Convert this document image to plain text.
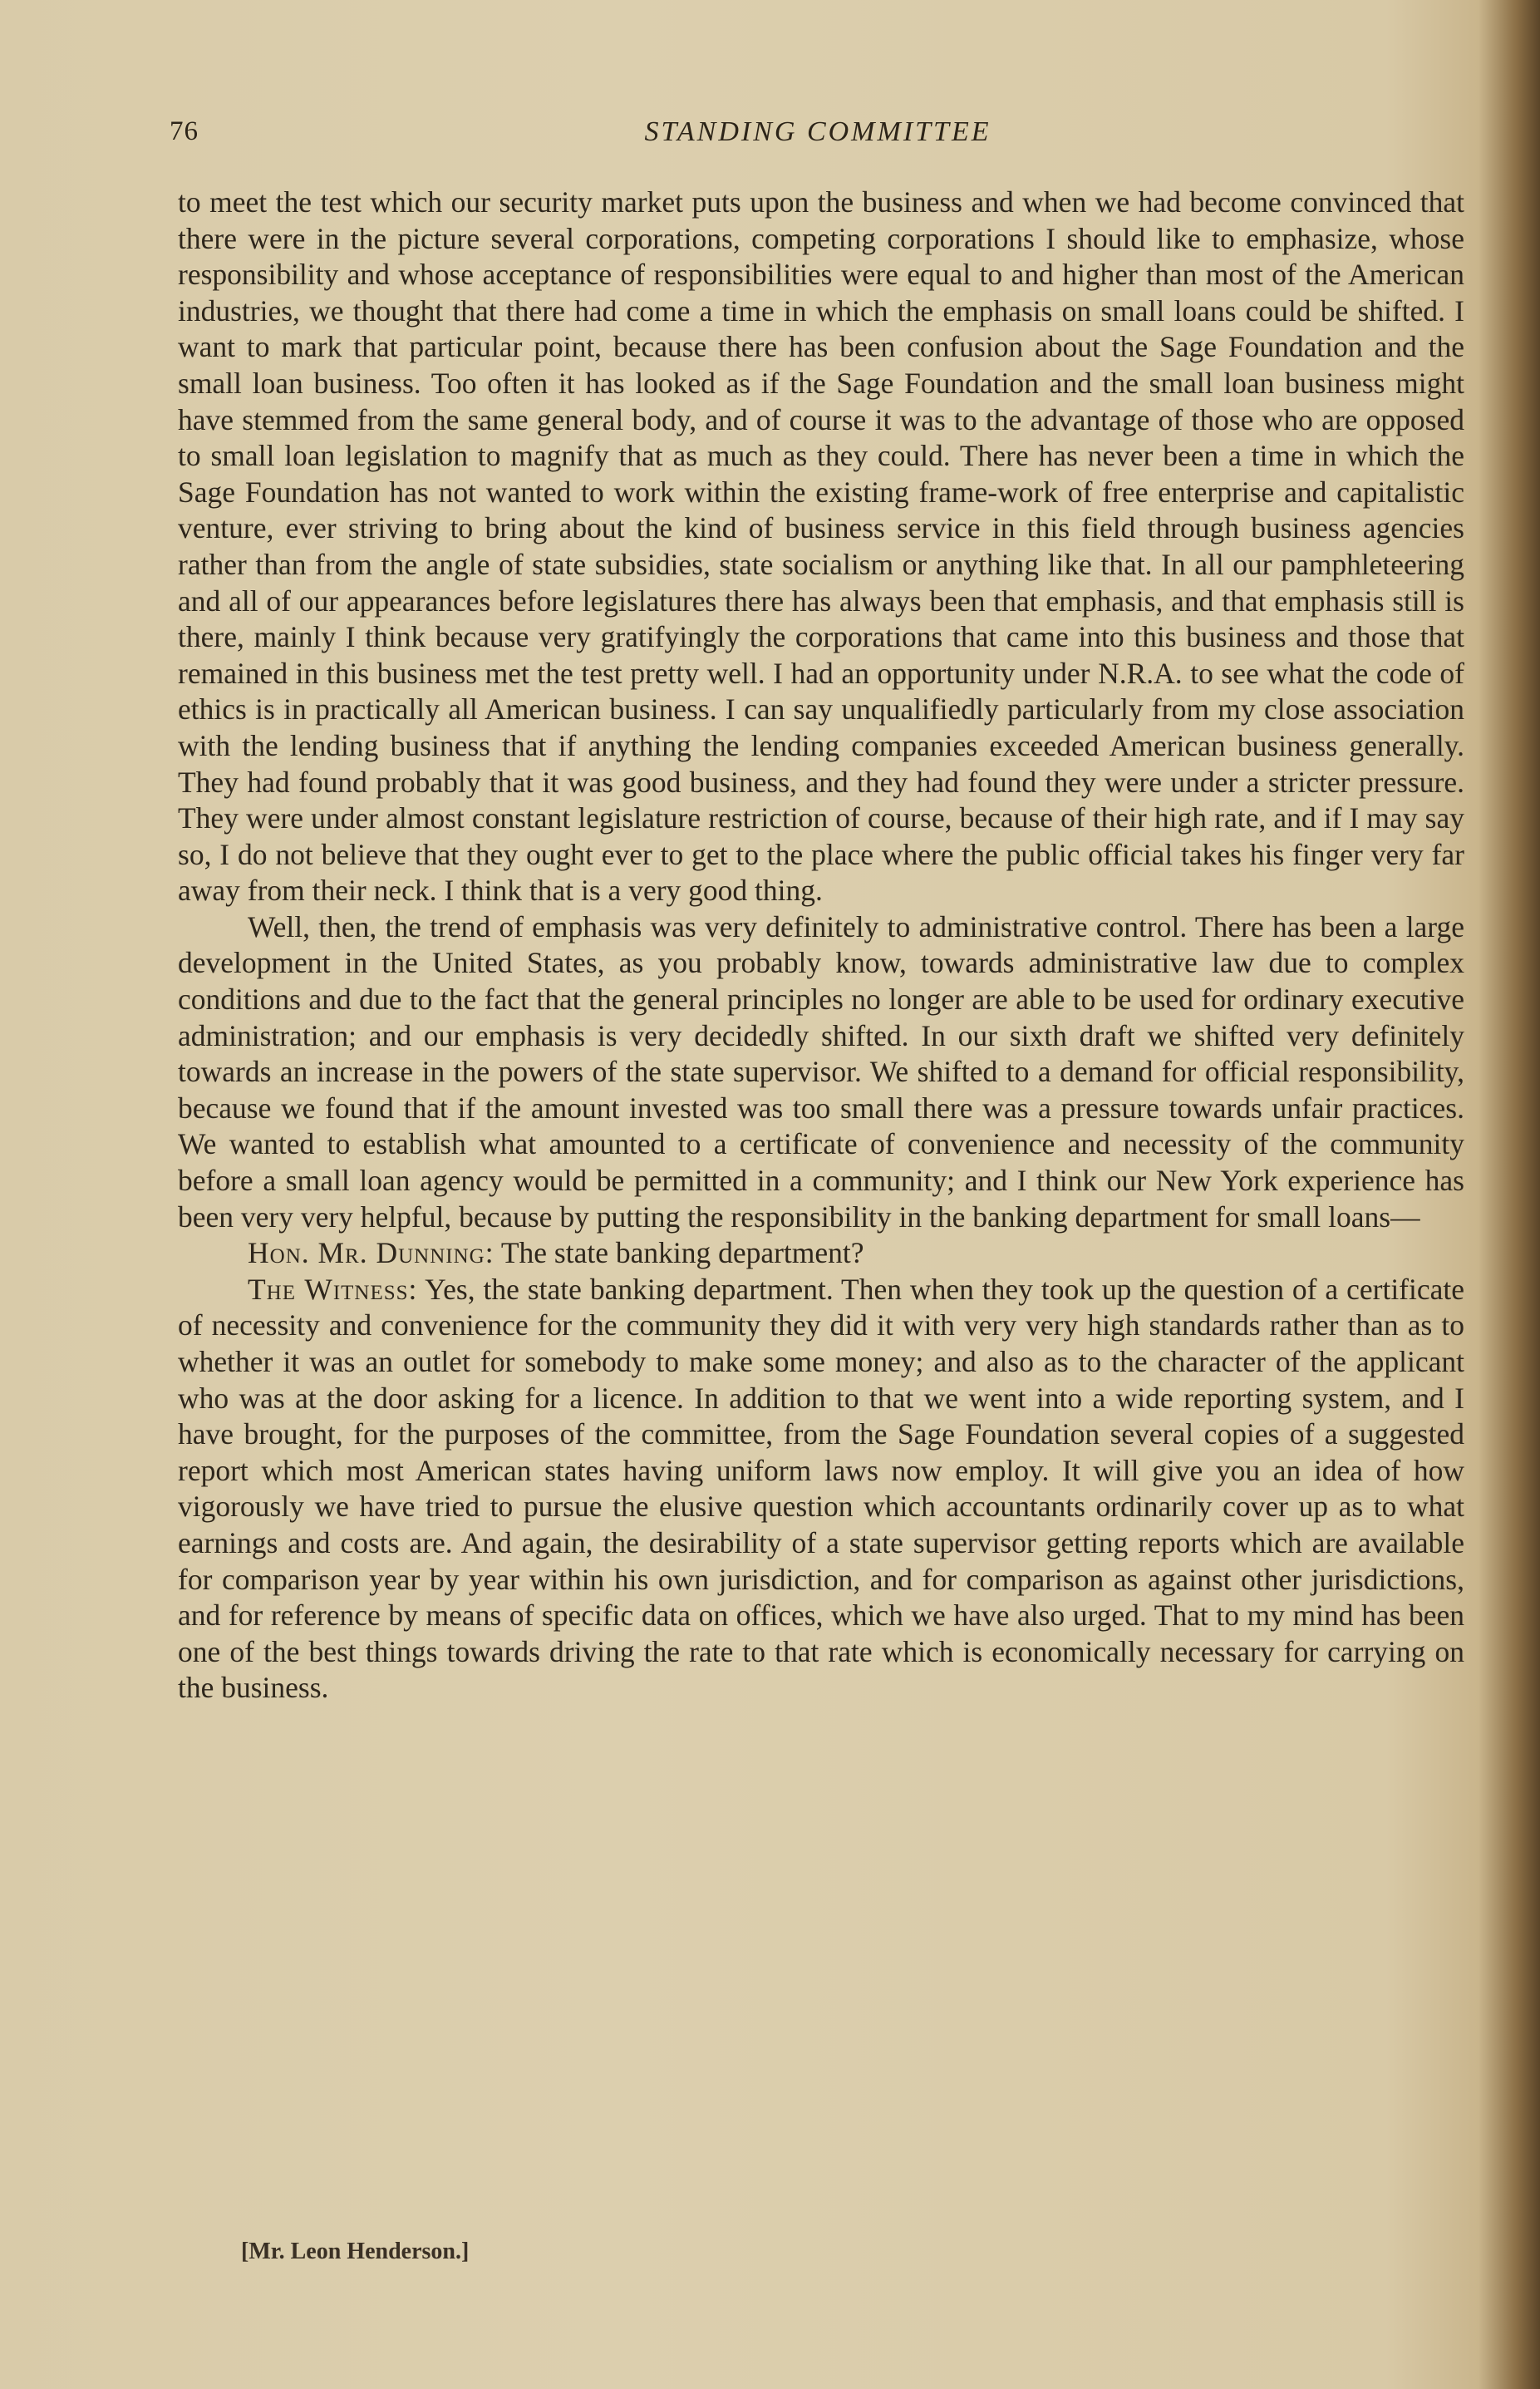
76	STANDING COMMITTEE

to meet the test which our security market puts upon the business and when we had become convinced that there were in the picture several corporations, competing corporations I should like to emphasize, whose responsibility and whose acceptance of responsibilities were equal to and higher than most of the American industries, we thought that there had come a time in which the emphasis on small loans could be shifted. I want to mark that particular point, because there has been confusion about the Sage Foundation and the small loan business. Too often it has looked as if the Sage Foundation and the small loan business might have stemmed from the same general body, and of course it was to the advantage of those who are opposed to small loan legislation to magnify that as much as they could. There has never been a time in which the Sage Foundation has not wanted to work within the existing frame-work of free enterprise and capitalistic venture, ever striving to bring about the kind of business service in this field through business agencies rather than from the angle of state subsidies, state socialism or anything like that. In all our pamphleteering and all of our appearances before legislatures there has always been that emphasis, and that emphasis still is there, mainly I think because very gratifyingly the corporations that came into this business and those that remained in this business met the test pretty well. I had an opportunity under N.R.A. to see what the code of ethics is in practically all American business. I can say unqualifiedly particularly from my close association with the lending business that if anything the lending companies exceeded American business generally. They had found probably that it was good business, and they had found they were under a stricter pressure. They were under almost constant legislature restriction of course, because of their high rate, and if I may say so, I do not believe that they ought ever to get to the place where the public official takes his finger very far away from their neck. I think that is a very good thing.

Well, then, the trend of emphasis was very definitely to administrative control. There has been a large development in the United States, as you probably know, towards administrative law due to complex conditions and due to the fact that the general principles no longer are able to be used for ordinary executive administration; and our emphasis is very decidedly shifted. In our sixth draft we shifted very definitely towards an increase in the powers of the state supervisor. We shifted to a demand for official responsibility, because we found that if the amount invested was too small there was a pressure towards unfair practices. We wanted to establish what amounted to a certificate of convenience and necessity of the community before a small loan agency would be permitted in a community; and I think our New York experience has been very very helpful, because by putting the responsibility in the banking department for small loans—

Hon. Mr. Dunning: The state banking department?

The Witness: Yes, the state banking department. Then when they took up the question of a certificate of necessity and convenience for the community they did it with very very high standards rather than as to whether it was an outlet for somebody to make some money; and also as to the character of the applicant who was at the door asking for a licence. In addition to that we went into a wide reporting system, and I have brought, for the purposes of the committee, from the Sage Foundation several copies of a suggested report which most American states having uniform laws now employ. It will give you an idea of how vigorously we have tried to pursue the elusive question which accountants ordinarily cover up as to what earnings and costs are. And again, the desirability of a state supervisor getting reports which are available for comparison year by year within his own jurisdiction, and for comparison as against other jurisdictions, and for reference by means of specific data on offices, which we have also urged. That to my mind has been one of the best things towards driving the rate to that rate which is economically necessary for carrying on the business.

[Mr. Leon Henderson.]
